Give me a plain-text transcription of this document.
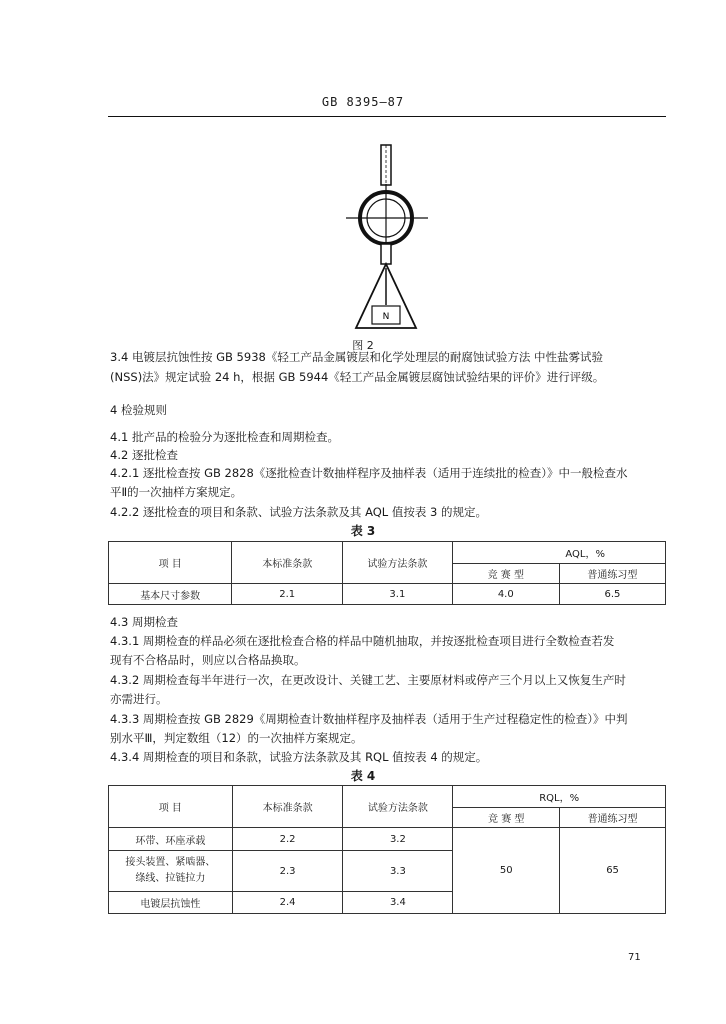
GB 8395—87
N
图 2
3.4 电镀层抗蚀性按 GB 5938《轻工产品金属镀层和化学处理层的耐腐蚀试验方法 中性盐雾试验
(NSS)法》规定试验 24 h，根据 GB 5944《轻工产品金属镀层腐蚀试验结果的评价》进行评级。
4 检验规则
4.1 批产品的检验分为逐批检查和周期检查。
4.2 逐批检查
4.2.1 逐批检查按 GB 2828《逐批检查计数抽样程序及抽样表（适用于连续批的检查）》中一般检查水
平Ⅱ的一次抽样方案规定。
4.2.2 逐批检查的项目和条款、试验方法条款及其 AQL 值按表 3 的规定。
表 3
项 目	本标准条款	试验方法条款	AQL，%	
			竞 赛 型	普通练习型
基本尺寸参数	2.1	3.1	4.0	6.5
4.3 周期检查
4.3.1 周期检查的样品必须在逐批检查合格的样品中随机抽取，并按逐批检查项目进行全数检查若发
现有不合格品时，则应以合格品换取。
4.3.2 周期检查每半年进行一次，在更改设计、关键工艺、主要原材料或停产三个月以上又恢复生产时
亦需进行。
4.3.3 周期检查按 GB 2829《周期检查计数抽样程序及抽样表（适用于生产过程稳定性的检查）》中判
别水平Ⅲ，判定数组（12）的一次抽样方案规定。
4.3.4 周期检查的项目和条款，试验方法条款及其 RQL 值按表 4 的规定。
表 4
项 目	本标准条款	试验方法条款	RQL，%	
			竞 赛 型	普通练习型
环带、环座承载	2.2	3.2	50	65
接头装置、紧啮器、
绦线、拉链拉力	2.3	3.3		
电镀层抗蚀性	2.4	3.4		
71
